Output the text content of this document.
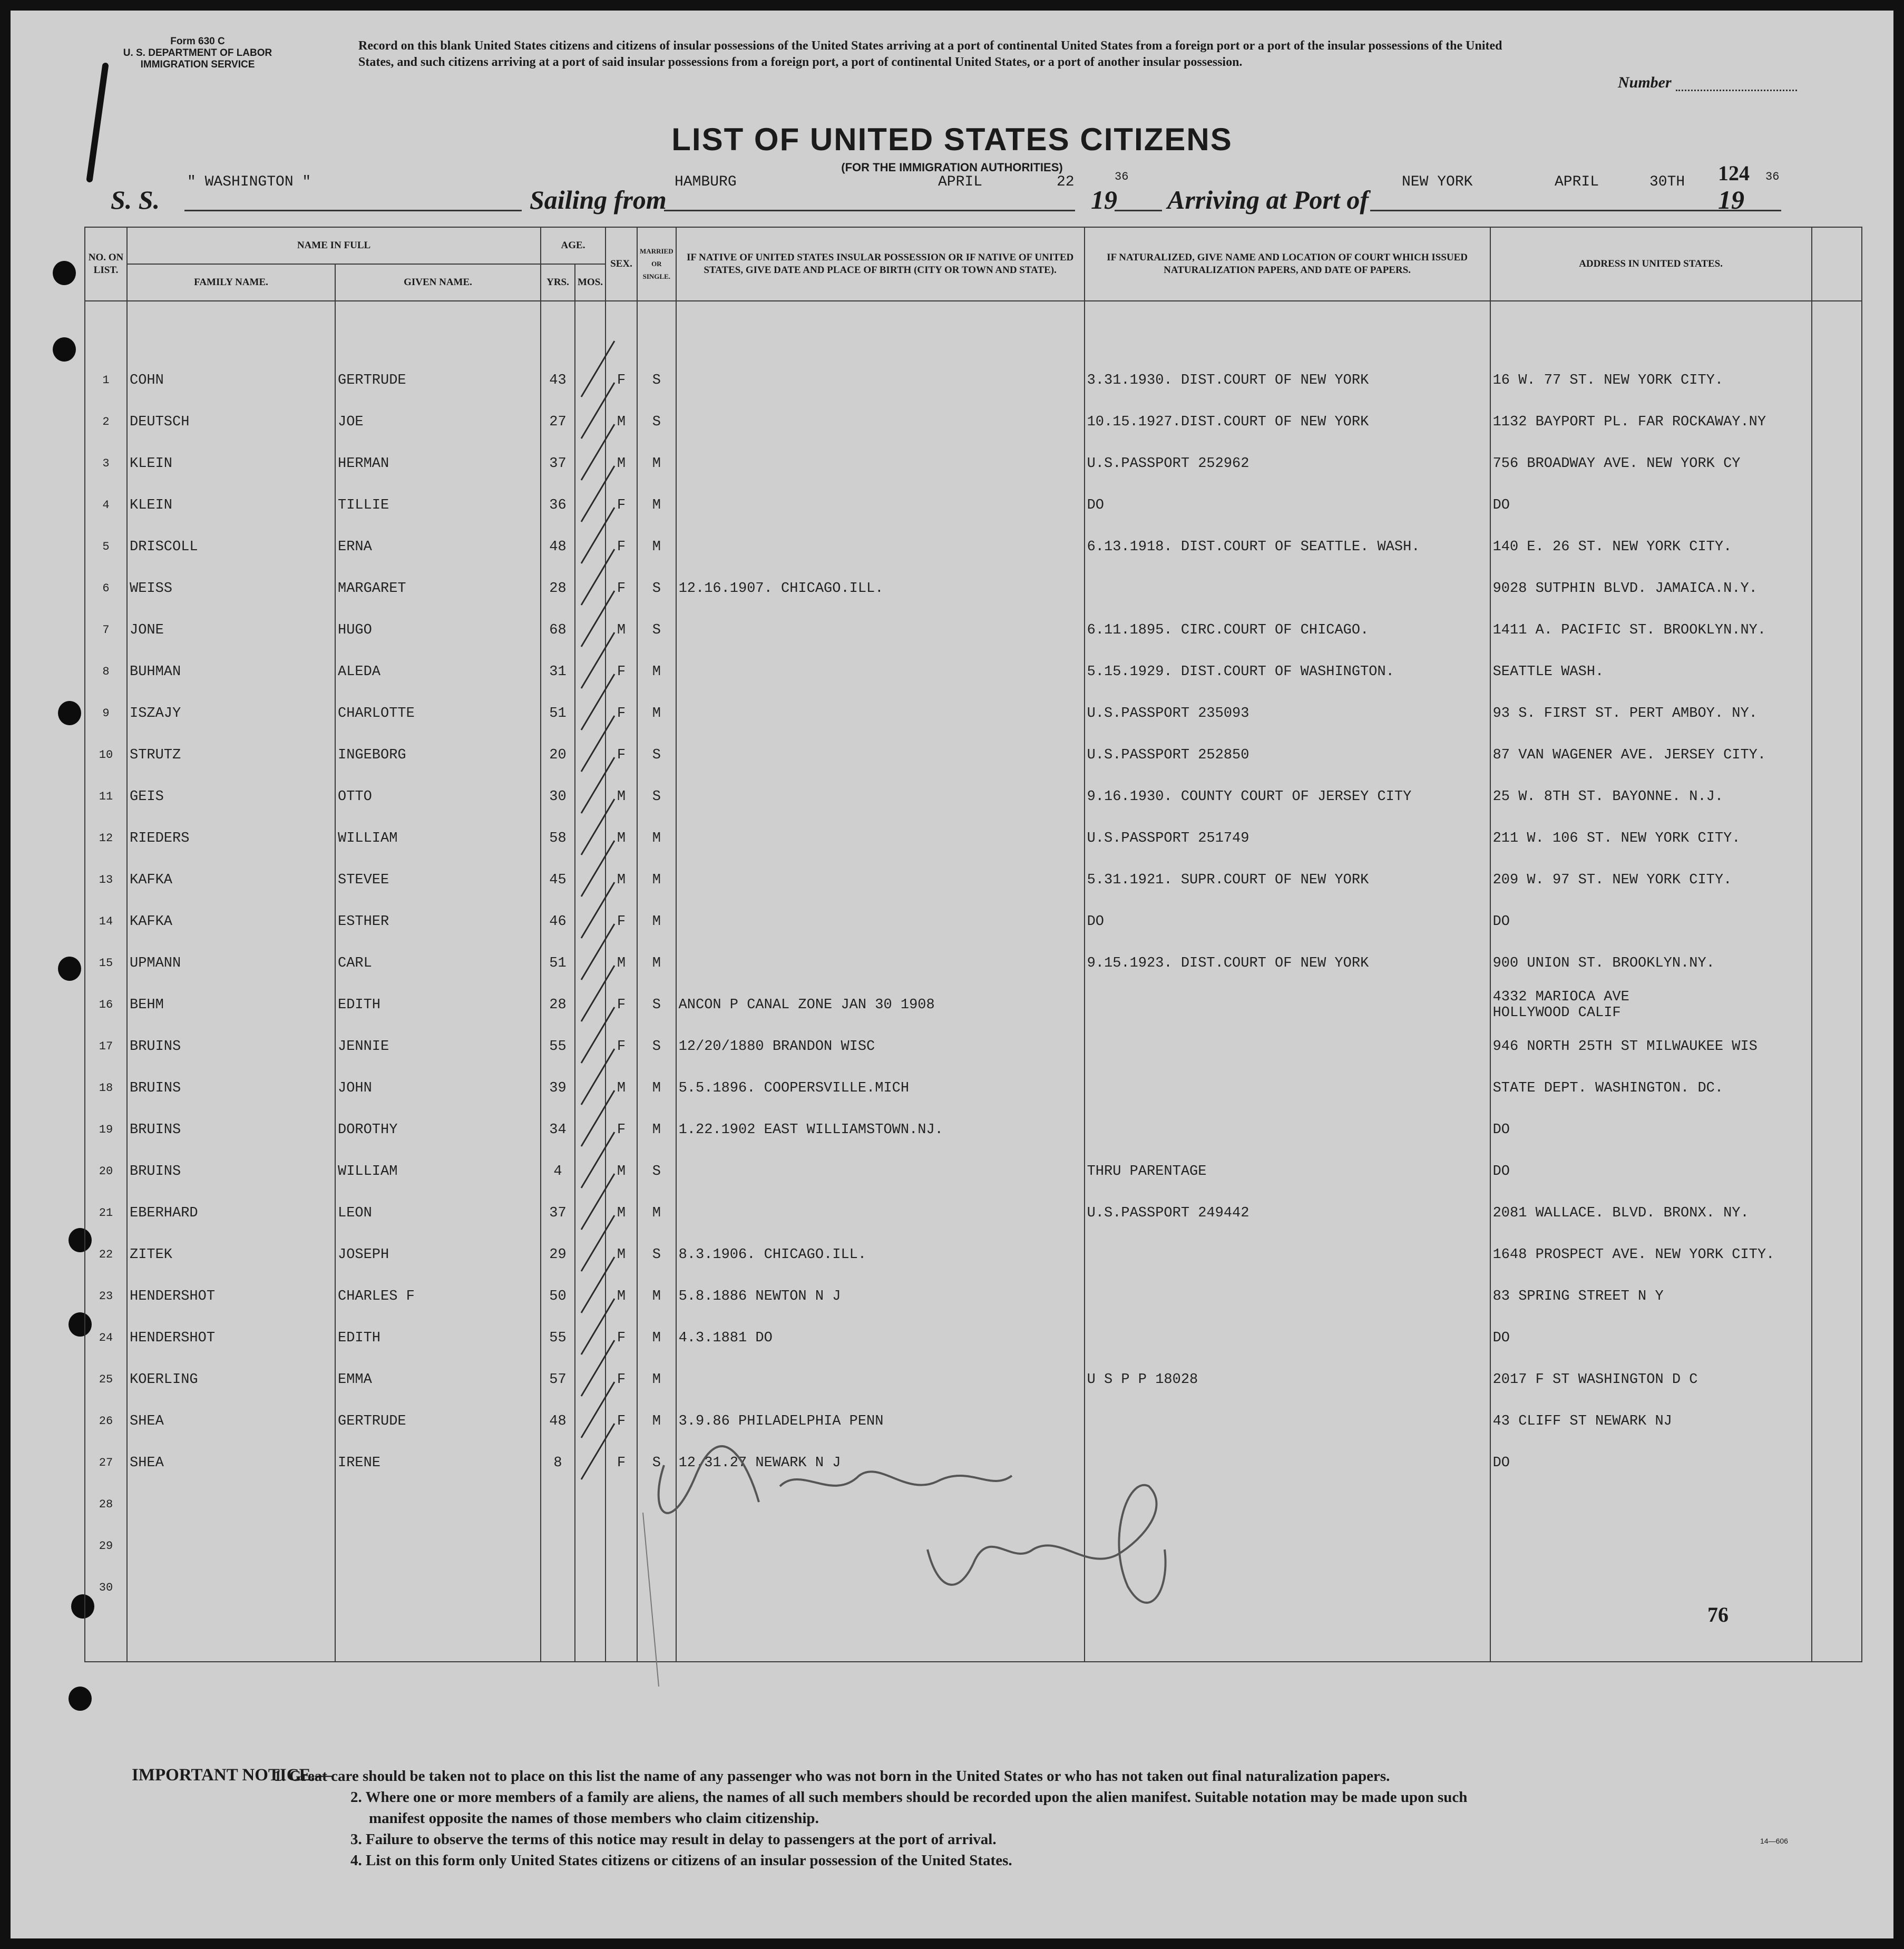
Form 630 C
U. S. DEPARTMENT OF LABOR
IMMIGRATION SERVICE
Record on this blank United States citizens and citizens of insular possessions of the United States arriving at a port of continental United States from a foreign port or a port of the insular possessions of the United States, and such citizens arriving at a port of said insular possessions from a foreign port, a port of continental United States, or a port of another insular possession.
Number
LIST OF UNITED STATES CITIZENS
(FOR THE IMMIGRATION AUTHORITIES)
S. S.
" WASHINGTON "
Sailing from
HAMBURG	APRIL	22
19
36
Arriving at Port of
NEW YORK	APRIL	30TH
19
36
124
NO. ON LIST.	NAME IN FULL		AGE.		SEX.	MARRIED OR SINGLE.	IF NATIVE OF UNITED STATES INSULAR POSSESSION OR IF NATIVE OF UNITED STATES, GIVE DATE AND PLACE OF BIRTH (CITY OR TOWN AND STATE).	IF NATURALIZED, GIVE NAME AND LOCATION OF COURT WHICH ISSUED NATURALIZATION PAPERS, AND DATE OF PAPERS.	ADDRESS IN UNITED STATES.	
	FAMILY NAME.	GIVEN NAME.	YRS.	MOS.						

1	COHN	GERTRUDE	43		F	S		3.31.1930. DIST.COURT OF NEW YORK	16 W. 77 ST. NEW YORK CITY.	
2	DEUTSCH	JOE	27		M	S		10.15.1927.DIST.COURT OF NEW YORK	1132 BAYPORT PL. FAR ROCKAWAY.NY	
3	KLEIN	HERMAN	37		M	M		U.S.PASSPORT 252962	756 BROADWAY AVE. NEW YORK CY	
4	KLEIN	TILLIE	36		F	M		DO	DO	
5	DRISCOLL	ERNA	48		F	M		6.13.1918. DIST.COURT OF SEATTLE. WASH.	140 E. 26 ST. NEW YORK CITY.	
6	WEISS	MARGARET	28		F	S	12.16.1907. CHICAGO.ILL.		9028 SUTPHIN BLVD. JAMAICA.N.Y.	
7	JONE	HUGO	68		M	S		6.11.1895. CIRC.COURT OF CHICAGO.	1411 A. PACIFIC ST. BROOKLYN.NY.	
8	BUHMAN	ALEDA	31		F	M		5.15.1929. DIST.COURT OF WASHINGTON.	SEATTLE WASH.	
9	ISZAJY	CHARLOTTE	51		F	M		U.S.PASSPORT 235093	93 S. FIRST ST. PERT AMBOY. NY.	
10	STRUTZ	INGEBORG	20		F	S		U.S.PASSPORT 252850	87 VAN WAGENER AVE. JERSEY CITY.	
11	GEIS	OTTO	30		M	S		9.16.1930. COUNTY COURT OF JERSEY CITY	25 W. 8TH ST. BAYONNE. N.J.	
12	RIEDERS	WILLIAM	58		M	M		U.S.PASSPORT 251749	211 W. 106 ST. NEW YORK CITY.	
13	KAFKA	STEVEE	45		M	M		5.31.1921. SUPR.COURT OF NEW YORK	209 W. 97 ST. NEW YORK CITY.	
14	KAFKA	ESTHER	46		F	M		DO	DO	
15	UPMANN	CARL	51		M	M		9.15.1923. DIST.COURT OF NEW YORK	900 UNION ST. BROOKLYN.NY.	
16	BEHM	EDITH	28		F	S	ANCON P CANAL ZONE JAN 30 1908		4332 MARIOCA AVE
HOLLYWOOD CALIF	
17	BRUINS	JENNIE	55		F	S	12/20/1880 BRANDON WISC		946 NORTH 25TH ST MILWAUKEE WIS	
18	BRUINS	JOHN	39		M	M	5.5.1896. COOPERSVILLE.MICH		STATE DEPT. WASHINGTON. DC.	
19	BRUINS	DOROTHY	34		F	M	1.22.1902 EAST WILLIAMSTOWN.NJ.		DO	
20	BRUINS	WILLIAM	4		M	S		THRU PARENTAGE	DO	
21	EBERHARD	LEON	37		M	M		U.S.PASSPORT 249442	2081 WALLACE. BLVD. BRONX. NY.	
22	ZITEK	JOSEPH	29		M	S	8.3.1906. CHICAGO.ILL.		1648 PROSPECT AVE. NEW YORK CITY.	
23	HENDERSHOT	CHARLES F	50		M	M	5.8.1886 NEWTON N J		83 SPRING STREET N Y	
24	HENDERSHOT	EDITH	55		F	M	4.3.1881 DO		DO	
25	KOERLING	EMMA	57		F	M		U S P P 18028	2017 F ST WASHINGTON D C	
26	SHEA	GERTRUDE	48		F	M	3.9.86 PHILADELPHIA PENN		43 CLIFF ST NEWARK NJ	
27	SHEA	IRENE	8		F	S	12.31.27 NEWARK N J		DO	
28										
29										
30										

76
IMPORTANT NOTICE.—
1. Great care should be taken not to place on this list the name of any passenger who was not born in the United States or who has not taken out final naturalization papers.
2. Where one or more members of a family are aliens, the names of all such members should be recorded upon the alien manifest. Suitable notation may be made upon such
manifest opposite the names of those members who claim citizenship.
3. Failure to observe the terms of this notice may result in delay to passengers at the port of arrival.
4. List on this form only United States citizens or citizens of an insular possession of the United States.
14—606
